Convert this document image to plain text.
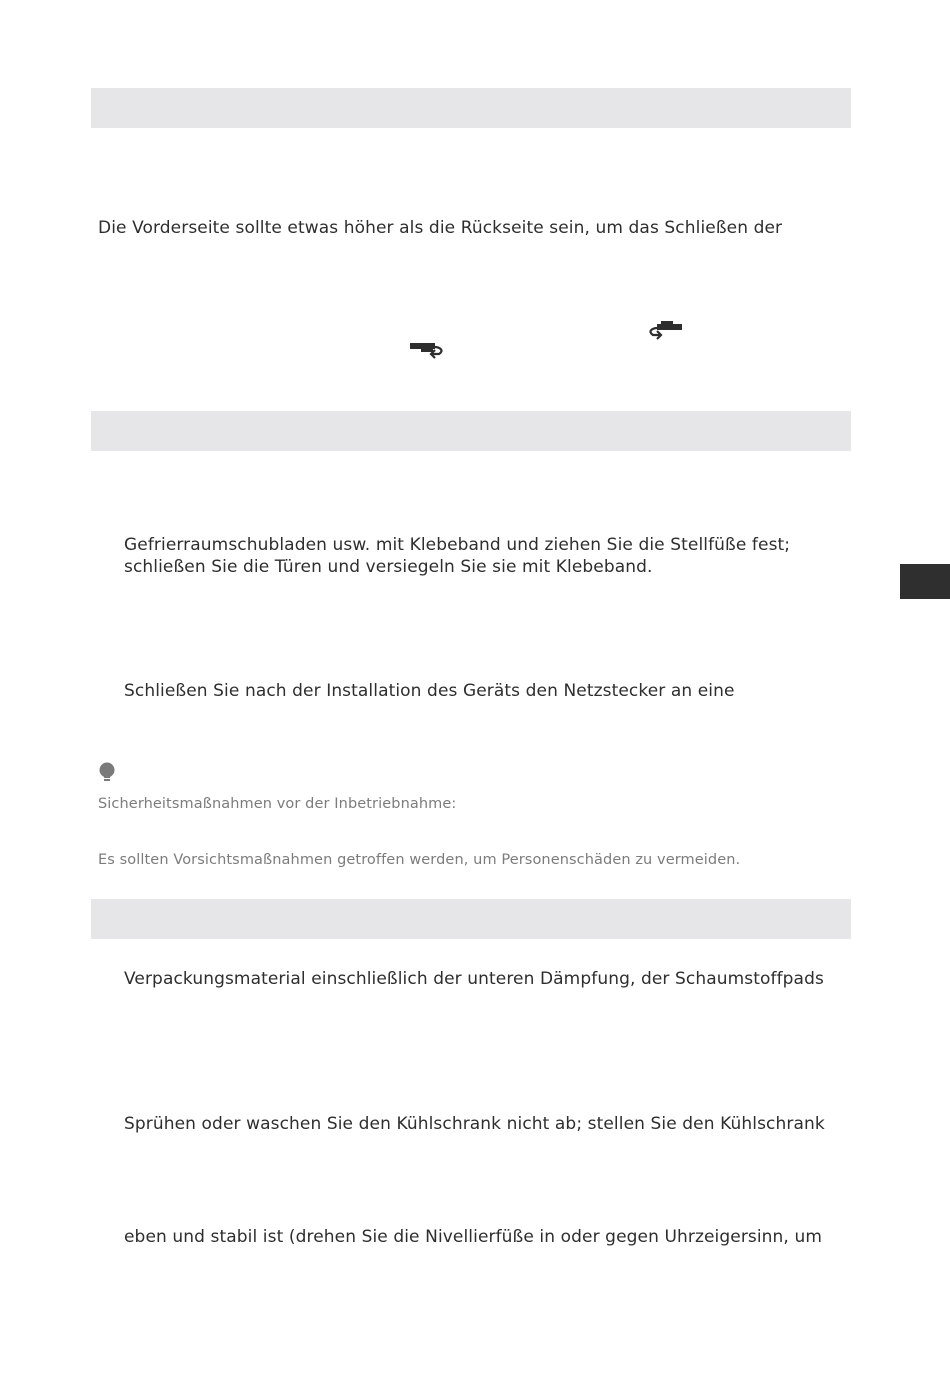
Die Vorderseite sollte etwas höher als die Rückseite sein, um das Schließen der
Gefrierraumschubladen usw. mit Klebeband und ziehen Sie die Stellfüße fest;
schließen Sie die Türen und versiegeln Sie sie mit Klebeband.
Schließen Sie nach der Installation des Geräts den Netzstecker an eine
Sicherheitsmaßnahmen vor der Inbetriebnahme:
Es sollten Vorsichtsmaßnahmen getroffen werden, um Personenschäden zu vermeiden.
Verpackungsmaterial einschließlich der unteren Dämpfung, der Schaumstoffpads
Sprühen oder waschen Sie den Kühlschrank nicht ab; stellen Sie den Kühlschrank
eben und stabil ist (drehen Sie die Nivellierfüße in oder gegen Uhrzeigersinn, um
